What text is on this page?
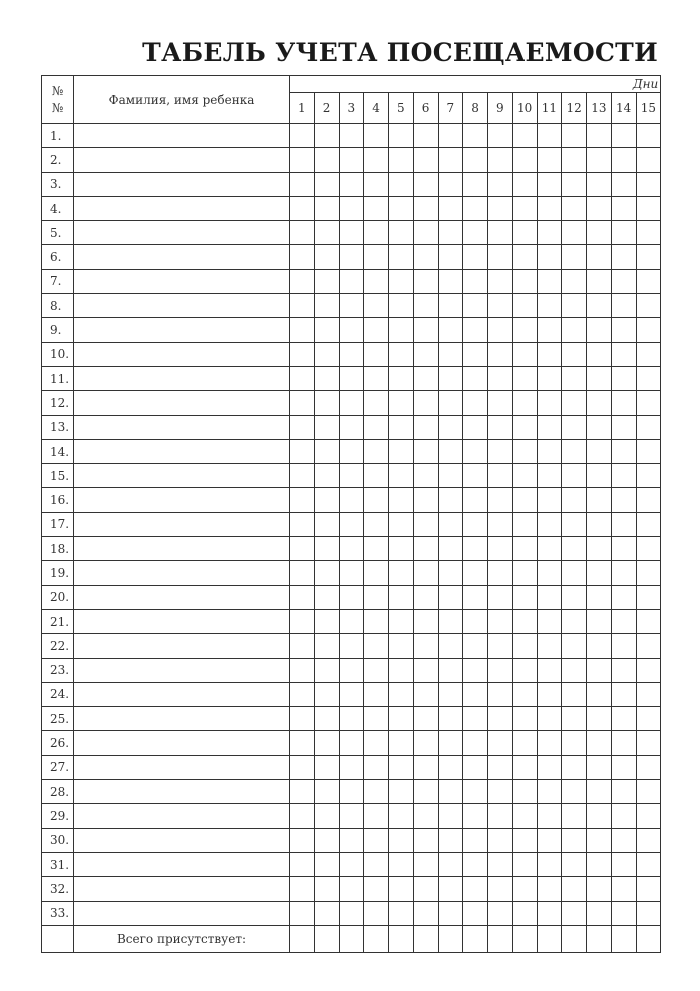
ТАБЕЛЬ УЧЕТА ПОСЕЩАЕМОСТИ
№
№	Фамилия, имя ребенка	Дни														
		1	2	3	4	5	6	7	8	9	10	11	12	13	14	15
1.																
2.																
3.																
4.																
5.																
6.																
7.																
8.																
9.																
10.																
11.																
12.																
13.																
14.																
15.																
16.																
17.																
18.																
19.																
20.																
21.																
22.																
23.																
24.																
25.																
26.																
27.																
28.																
29.																
30.																
31.																
32.																
33.																
	Всего присутствует:															
